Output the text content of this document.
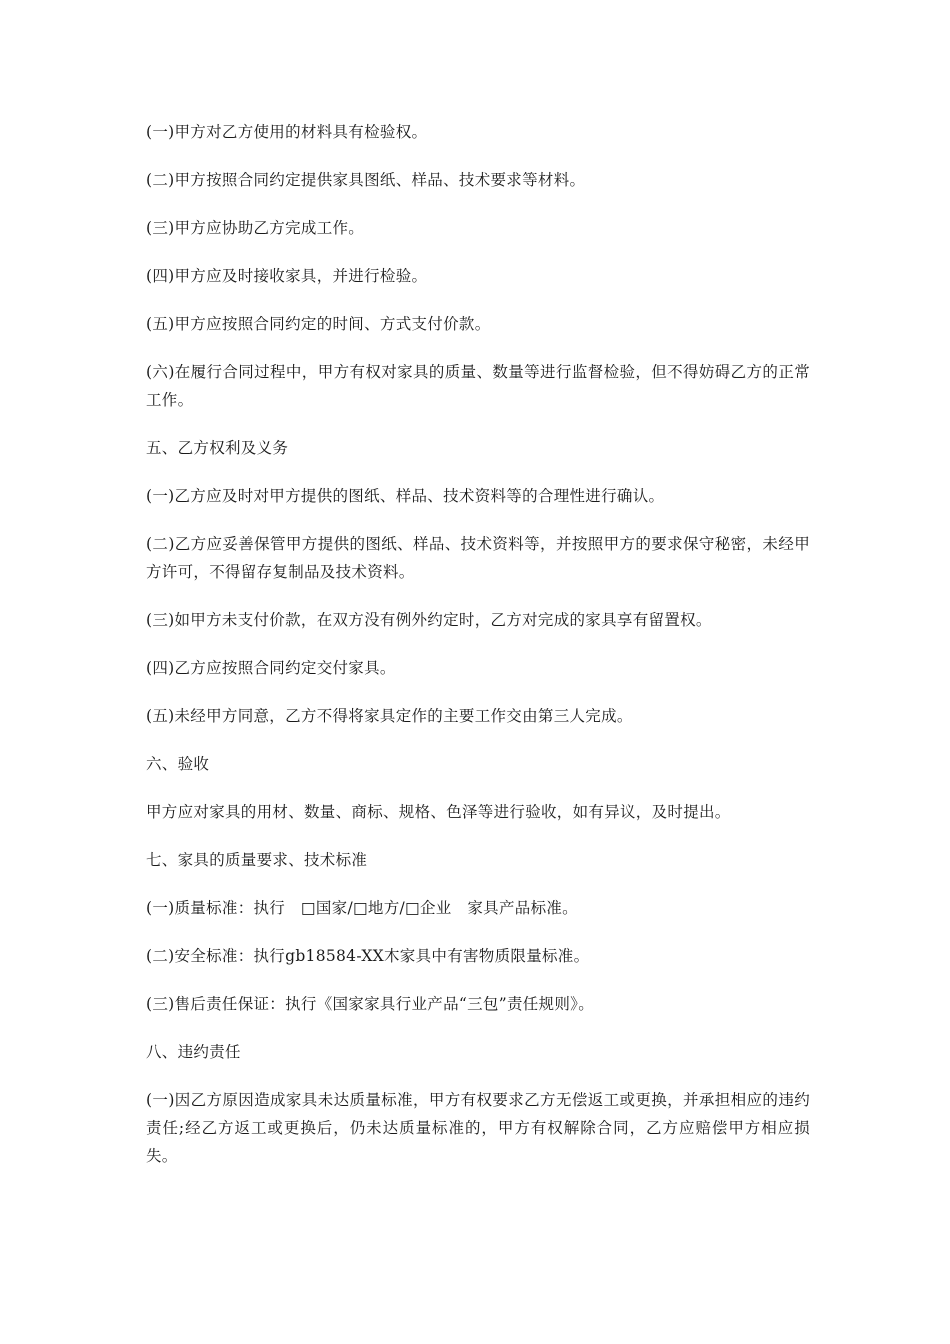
(一)甲方对乙方使用的材料具有检验权。

(二)甲方按照合同约定提供家具图纸、样品、技术要求等材料。

(三)甲方应协助乙方完成工作。

(四)甲方应及时接收家具，并进行检验。

(五)甲方应按照合同约定的时间、方式支付价款。

(六)在履行合同过程中，甲方有权对家具的质量、数量等进行监督检验，但不得妨碍乙方的正常工作。

五、乙方权利及义务

(一)乙方应及时对甲方提供的图纸、样品、技术资料等的合理性进行确认。

(二)乙方应妥善保管甲方提供的图纸、样品、技术资料等，并按照甲方的要求保守秘密，未经甲方许可，不得留存复制品及技术资料。

(三)如甲方未支付价款，在双方没有例外约定时，乙方对完成的家具享有留置权。

(四)乙方应按照合同约定交付家具。

(五)未经甲方同意，乙方不得将家具定作的主要工作交由第三人完成。

六、验收

甲方应对家具的用材、数量、商标、规格、色泽等进行验收，如有异议，及时提出。

七、家具的质量要求、技术标准

(一)质量标准：执行　□国家/□地方/□企业　家具产品标准。

(二)安全标准：执行gb18584-XX木家具中有害物质限量标准。

(三)售后责任保证：执行《国家家具行业产品“三包”责任规则》。

八、违约责任

(一)因乙方原因造成家具未达质量标准，甲方有权要求乙方无偿返工或更换，并承担相应的违约责任;经乙方返工或更换后，仍未达质量标准的，甲方有权解除合同，乙方应赔偿甲方相应损失。
